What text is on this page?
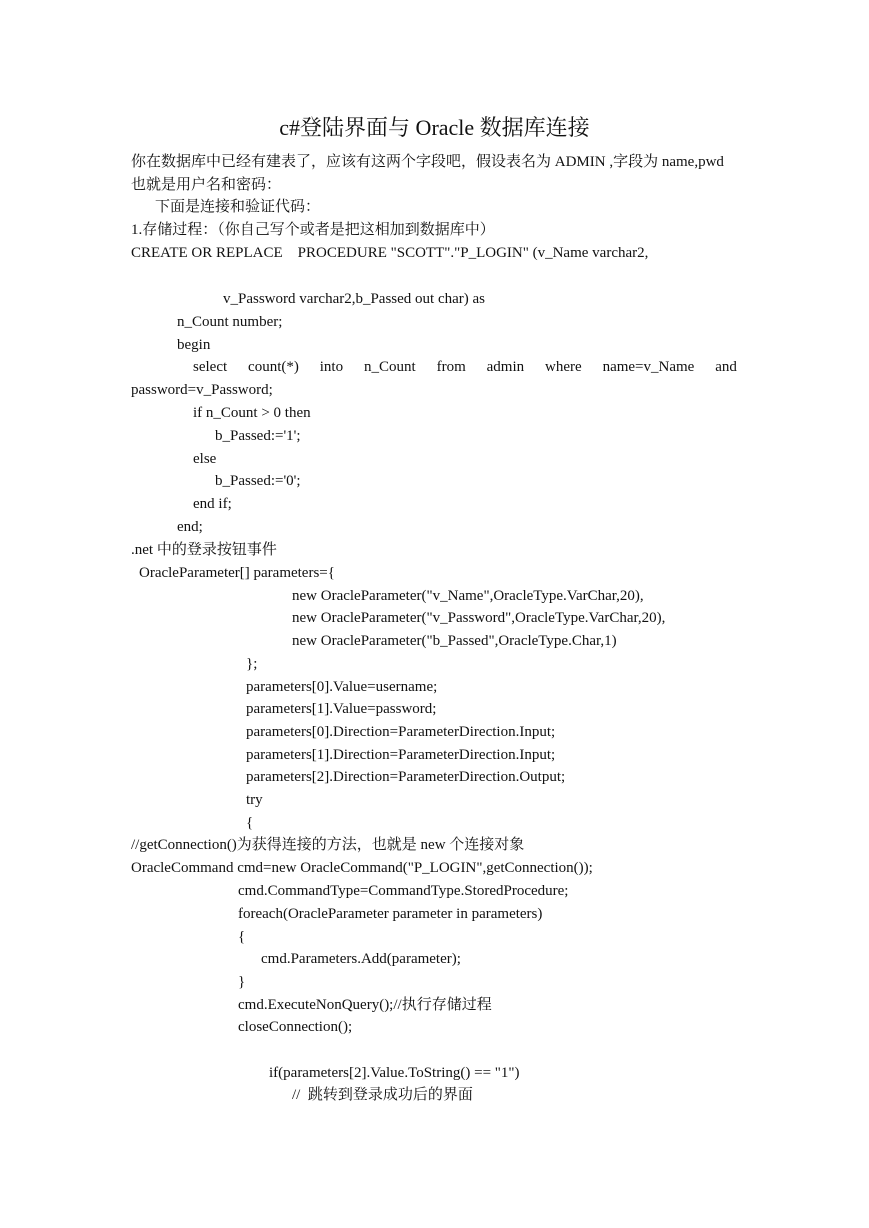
c#登陆界面与 Oracle 数据库连接
你在数据库中已经有建表了，应该有这两个字段吧，假设表名为 ADMIN ,字段为 name,pwd
也就是用户名和密码：
下面是连接和验证代码：
1.存储过程：（你自己写个或者是把这相加到数据库中）
CREATE OR REPLACE    PROCEDURE "SCOTT"."P_LOGIN" (v_Name varchar2,
v_Password varchar2,b_Passed out char) as
n_Count number;
begin
select count(*) into n_Count from admin where name=v_Name and
password=v_Password;
if n_Count > 0 then
b_Passed:='1';
else
b_Passed:='0';
end if;
end;
.net 中的登录按钮事件
OracleParameter[] parameters={
new OracleParameter("v_Name",OracleType.VarChar,20),
new OracleParameter("v_Password",OracleType.VarChar,20),
new OracleParameter("b_Passed",OracleType.Char,1)
};
parameters[0].Value=username;
parameters[1].Value=password;
parameters[0].Direction=ParameterDirection.Input;
parameters[1].Direction=ParameterDirection.Input;
parameters[2].Direction=ParameterDirection.Output;
try
{
//getConnection()为获得连接的方法，也就是 new 个连接对象
OracleCommand cmd=new OracleCommand("P_LOGIN",getConnection());
cmd.CommandType=CommandType.StoredProcedure;
foreach(OracleParameter parameter in parameters)
{
cmd.Parameters.Add(parameter);
}
cmd.ExecuteNonQuery();//执行存储过程
closeConnection();
if(parameters[2].Value.ToString() == "1")
//  跳转到登录成功后的界面
